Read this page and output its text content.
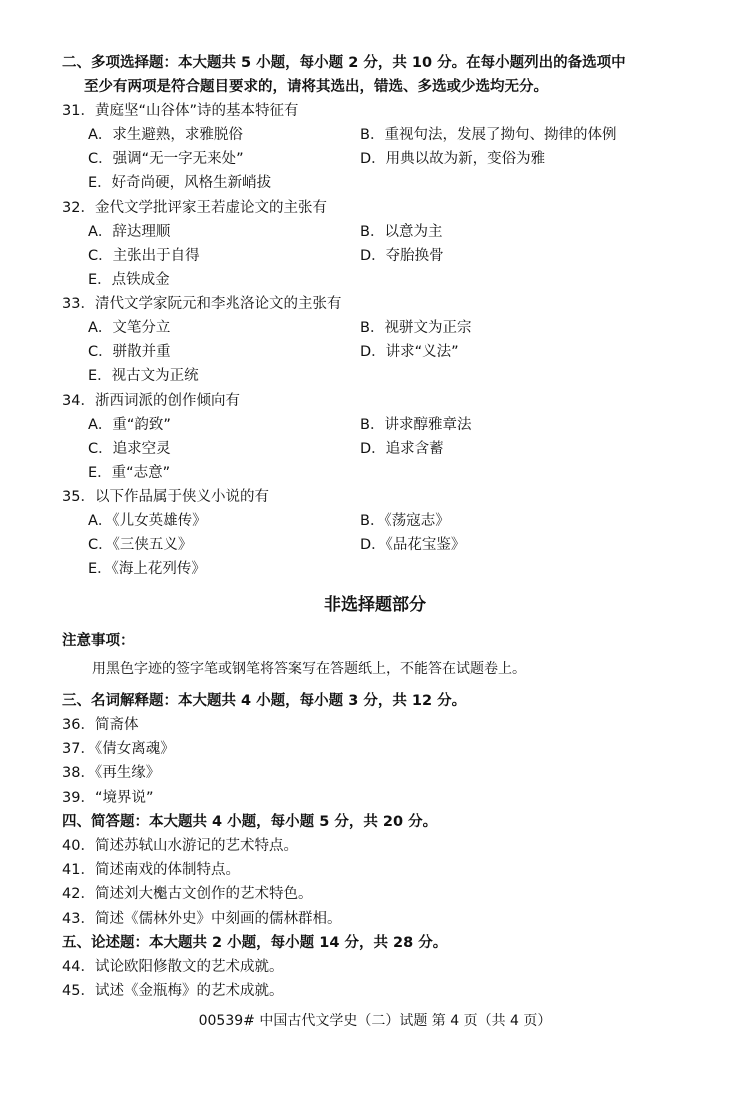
二、多项选择题：本大题共 5 小题，每小题 2 分，共 10 分。在每小题列出的备选项中
至少有两项是符合题目要求的，请将其选出，错选、多选或少选均无分。
31．黄庭坚“山谷体”诗的基本特征有
A．求生避熟，求雅脱俗	B．重视句法，发展了拗句、拗律的体例
C．强调“无一字无来处”	D．用典以故为新，变俗为雅
E．好奇尚硬，风格生新峭拔
32．金代文学批评家王若虚论文的主张有
A．辞达理顺	B．以意为主
C．主张出于自得	D．夺胎换骨
E．点铁成金
33．清代文学家阮元和李兆洛论文的主张有
A．文笔分立	B．视骈文为正宗
C．骈散并重	D．讲求“义法”
E．视古文为正统
34．浙西词派的创作倾向有
A．重“韵致”	B．讲求醇雅章法
C．追求空灵	D．追求含蓄
E．重“志意”
35．以下作品属于侠义小说的有
A．《儿女英雄传》	B．《荡寇志》
C．《三侠五义》	D．《品花宝鉴》
E．《海上花列传》
非选择题部分
注意事项：
用黑色字迹的签字笔或钢笔将答案写在答题纸上，不能答在试题卷上。
三、名词解释题：本大题共 4 小题，每小题 3 分，共 12 分。
36．简斋体
37．《倩女离魂》
38．《再生缘》
39．“境界说”
四、简答题：本大题共 4 小题，每小题 5 分，共 20 分。
40．简述苏轼山水游记的艺术特点。
41．简述南戏的体制特点。
42．简述刘大櫆古文创作的艺术特色。
43．简述《儒林外史》中刻画的儒林群相。
五、论述题：本大题共 2 小题，每小题 14 分，共 28 分。
44．试论欧阳修散文的艺术成就。
45．试述《金瓶梅》的艺术成就。
00539# 中国古代文学史（二）试题 第 4 页（共 4 页）
